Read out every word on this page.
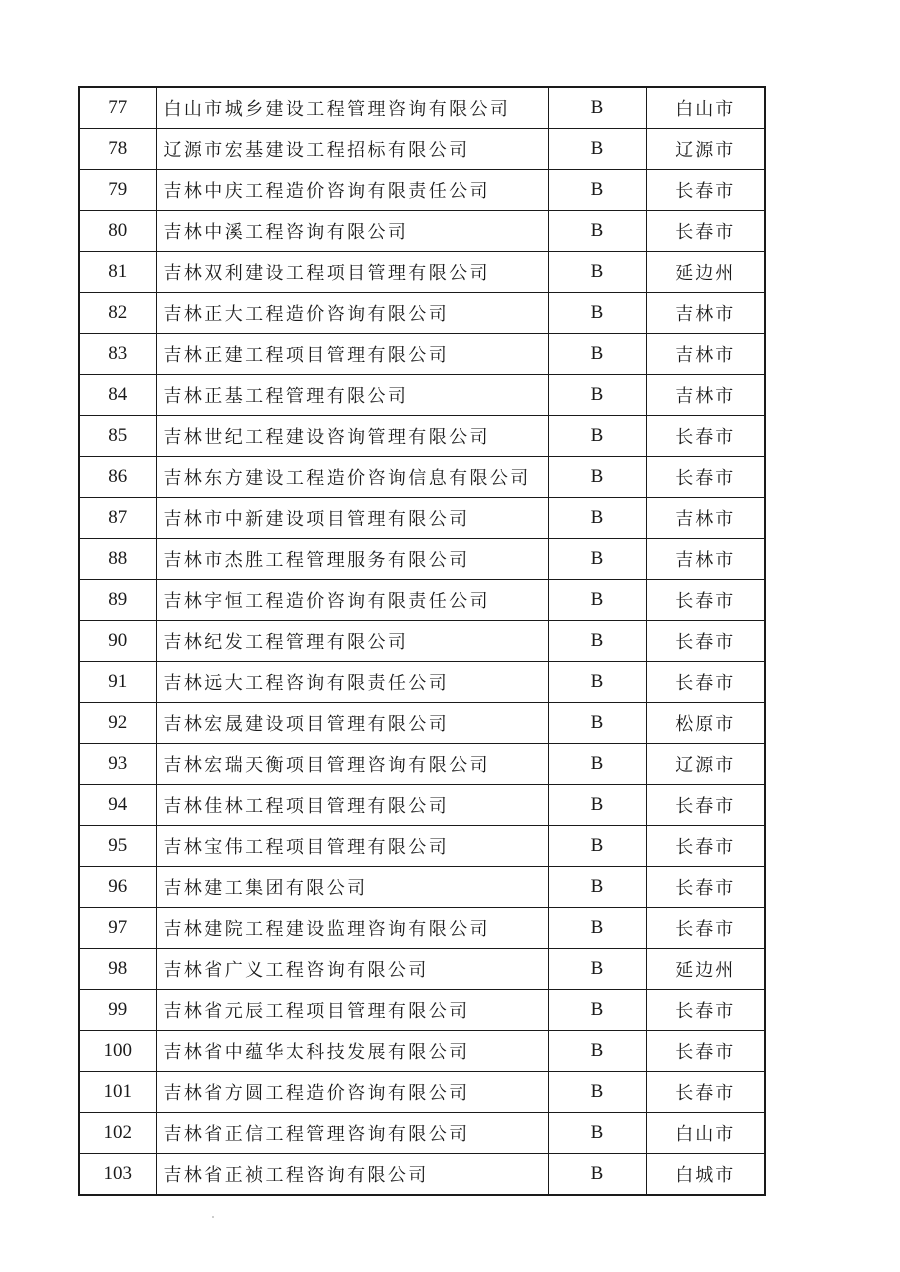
77	白山市城乡建设工程管理咨询有限公司	B	白山市
78	辽源市宏基建设工程招标有限公司	B	辽源市
79	吉林中庆工程造价咨询有限责任公司	B	长春市
80	吉林中溪工程咨询有限公司	B	长春市
81	吉林双利建设工程项目管理有限公司	B	延边州
82	吉林正大工程造价咨询有限公司	B	吉林市
83	吉林正建工程项目管理有限公司	B	吉林市
84	吉林正基工程管理有限公司	B	吉林市
85	吉林世纪工程建设咨询管理有限公司	B	长春市
86	吉林东方建设工程造价咨询信息有限公司	B	长春市
87	吉林市中新建设项目管理有限公司	B	吉林市
88	吉林市杰胜工程管理服务有限公司	B	吉林市
89	吉林宇恒工程造价咨询有限责任公司	B	长春市
90	吉林纪发工程管理有限公司	B	长春市
91	吉林远大工程咨询有限责任公司	B	长春市
92	吉林宏晟建设项目管理有限公司	B	松原市
93	吉林宏瑞天衡项目管理咨询有限公司	B	辽源市
94	吉林佳林工程项目管理有限公司	B	长春市
95	吉林宝伟工程项目管理有限公司	B	长春市
96	吉林建工集团有限公司	B	长春市
97	吉林建院工程建设监理咨询有限公司	B	长春市
98	吉林省广义工程咨询有限公司	B	延边州
99	吉林省元辰工程项目管理有限公司	B	长春市
100	吉林省中蕴华太科技发展有限公司	B	长春市
101	吉林省方圆工程造价咨询有限公司	B	长春市
102	吉林省正信工程管理咨询有限公司	B	白山市
103	吉林省正祯工程咨询有限公司	B	白城市
